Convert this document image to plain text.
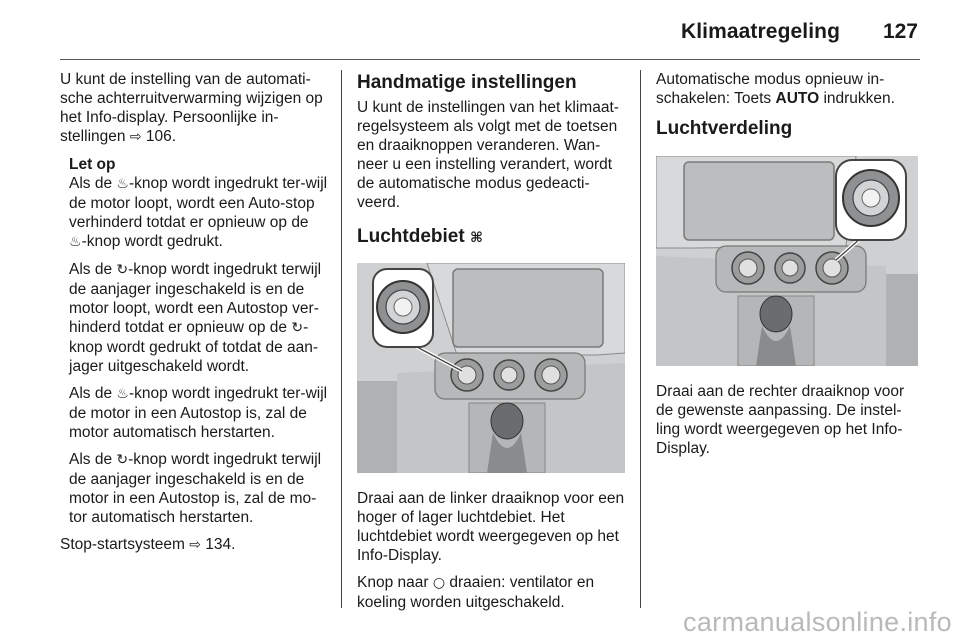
Klimaatregeling 127

U kunt de instelling van de automati-sche achterruitverwarming wijzigen op het Info-display. Persoonlijke in-stellingen ⇨ 106.

Let op

Als de ♨-knop wordt ingedrukt ter-wijl de motor loopt, wordt een Auto-stop verhinderd totdat er opnieuw op de ♨-knop wordt gedrukt.

Als de ↻-knop wordt ingedrukt terwijl de aanjager ingeschakeld is en de motor loopt, wordt een Autostop ver-hinderd totdat er opnieuw op de ↻-knop wordt gedrukt of totdat de aan-jager uitgeschakeld wordt.

Als de ♨-knop wordt ingedrukt ter-wijl de motor in een Autostop is, zal de motor automatisch herstarten.

Als de ↻-knop wordt ingedrukt terwijl de aanjager ingeschakeld is en de motor in een Autostop is, zal de mo-tor automatisch herstarten.

Stop-startsysteem ⇨ 134.

Handmatige instellingen

U kunt de instellingen van het klimaat-regelsysteem als volgt met de toetsen en draaiknoppen veranderen. Wan-neer u een instelling verandert, wordt de automatische modus gedeacti-veerd.

Luchtdebiet ⌘

Draai aan de linker draaiknop voor een hoger of lager luchtdebiet. Het luchtdebiet wordt weergegeven op het Info-Display.

Knop naar ○ draaien: ventilator en koeling worden uitgeschakeld.

Automatische modus opnieuw in-schakelen: Toets AUTO indrukken.

Luchtverdeling

Draai aan de rechter draaiknop voor de gewenste aanpassing. De instel-ling wordt weergegeven op het Info-Display.

carmanualsonline.info
